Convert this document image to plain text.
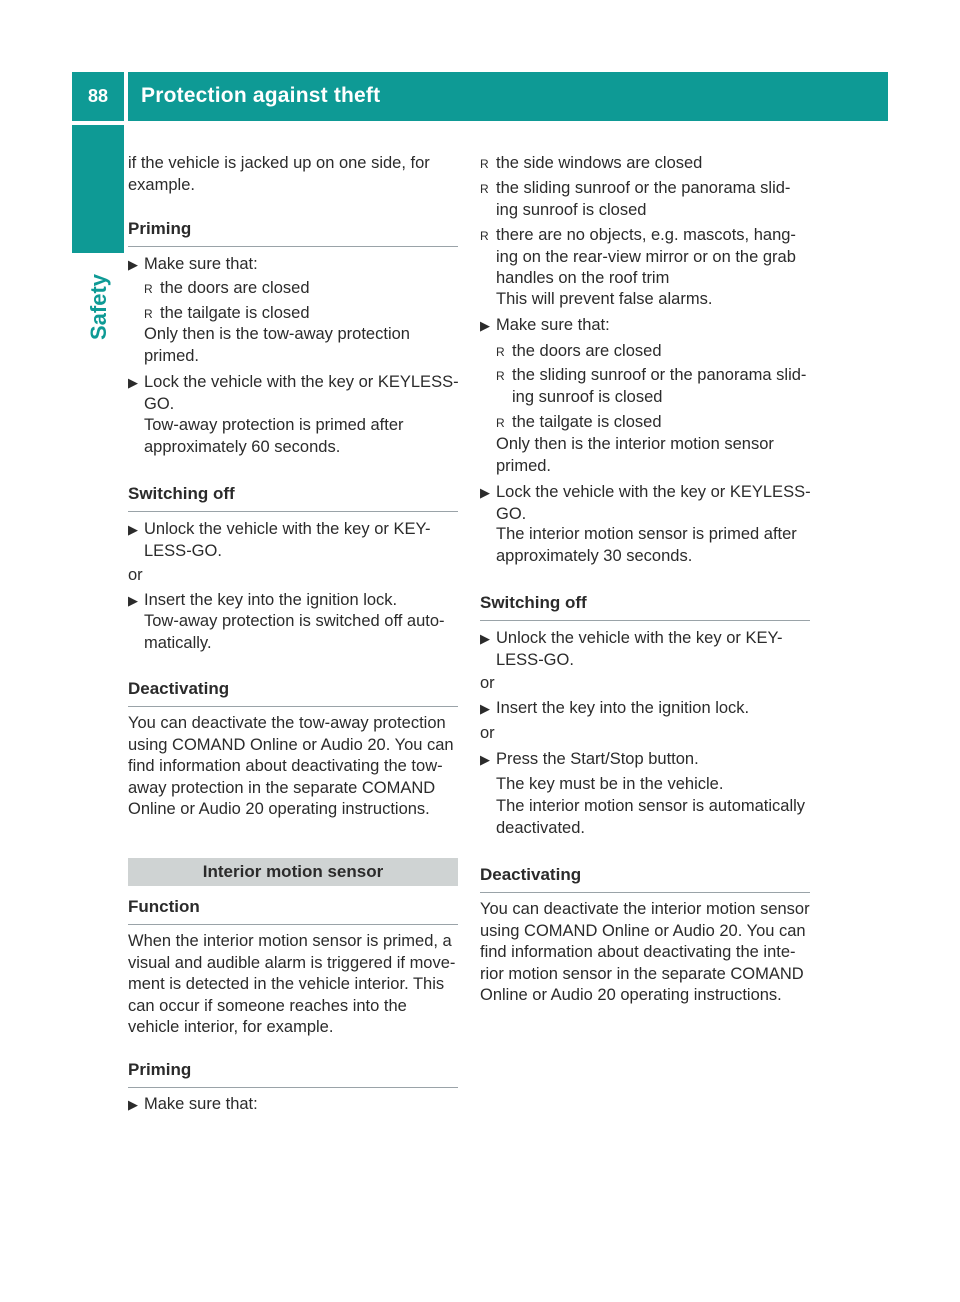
88	Protection against theft
Safety
if the vehicle is jacked up on one side, for example.
Priming
▶ Make sure that:
R the doors are closed
R the tailgate is closed
Only then is the tow-away protection primed.
▶ Lock the vehicle with the key or KEYLESS-GO.
Tow-away protection is primed after approximately 60 seconds.
Switching off
▶ Unlock the vehicle with the key or KEY-LESS-GO.
or
▶ Insert the key into the ignition lock.
Tow-away protection is switched off auto-matically.
Deactivating
You can deactivate the tow-away protection using COMAND Online or Audio 20. You can find information about deactivating the tow-away protection in the separate COMAND Online or Audio 20 operating instructions.
Interior motion sensor
Function
When the interior motion sensor is primed, a visual and audible alarm is triggered if move-ment is detected in the vehicle interior. This can occur if someone reaches into the vehicle interior, for example.
Priming
▶ Make sure that:
R the side windows are closed
R the sliding sunroof or the panorama slid-ing sunroof is closed
R there are no objects, e.g. mascots, hang-ing on the rear-view mirror or on the grab handles on the roof trim
This will prevent false alarms.
▶ Make sure that:
R the doors are closed
R the sliding sunroof or the panorama slid-ing sunroof is closed
R the tailgate is closed
Only then is the interior motion sensor primed.
▶ Lock the vehicle with the key or KEYLESS-GO.
The interior motion sensor is primed after approximately 30 seconds.
Switching off
▶ Unlock the vehicle with the key or KEY-LESS-GO.
or
▶ Insert the key into the ignition lock.
or
▶ Press the Start/Stop button.
The key must be in the vehicle.
The interior motion sensor is automatically deactivated.
Deactivating
You can deactivate the interior motion sensor using COMAND Online or Audio 20. You can find information about deactivating the inte-rior motion sensor in the separate COMAND Online or Audio 20 operating instructions.
